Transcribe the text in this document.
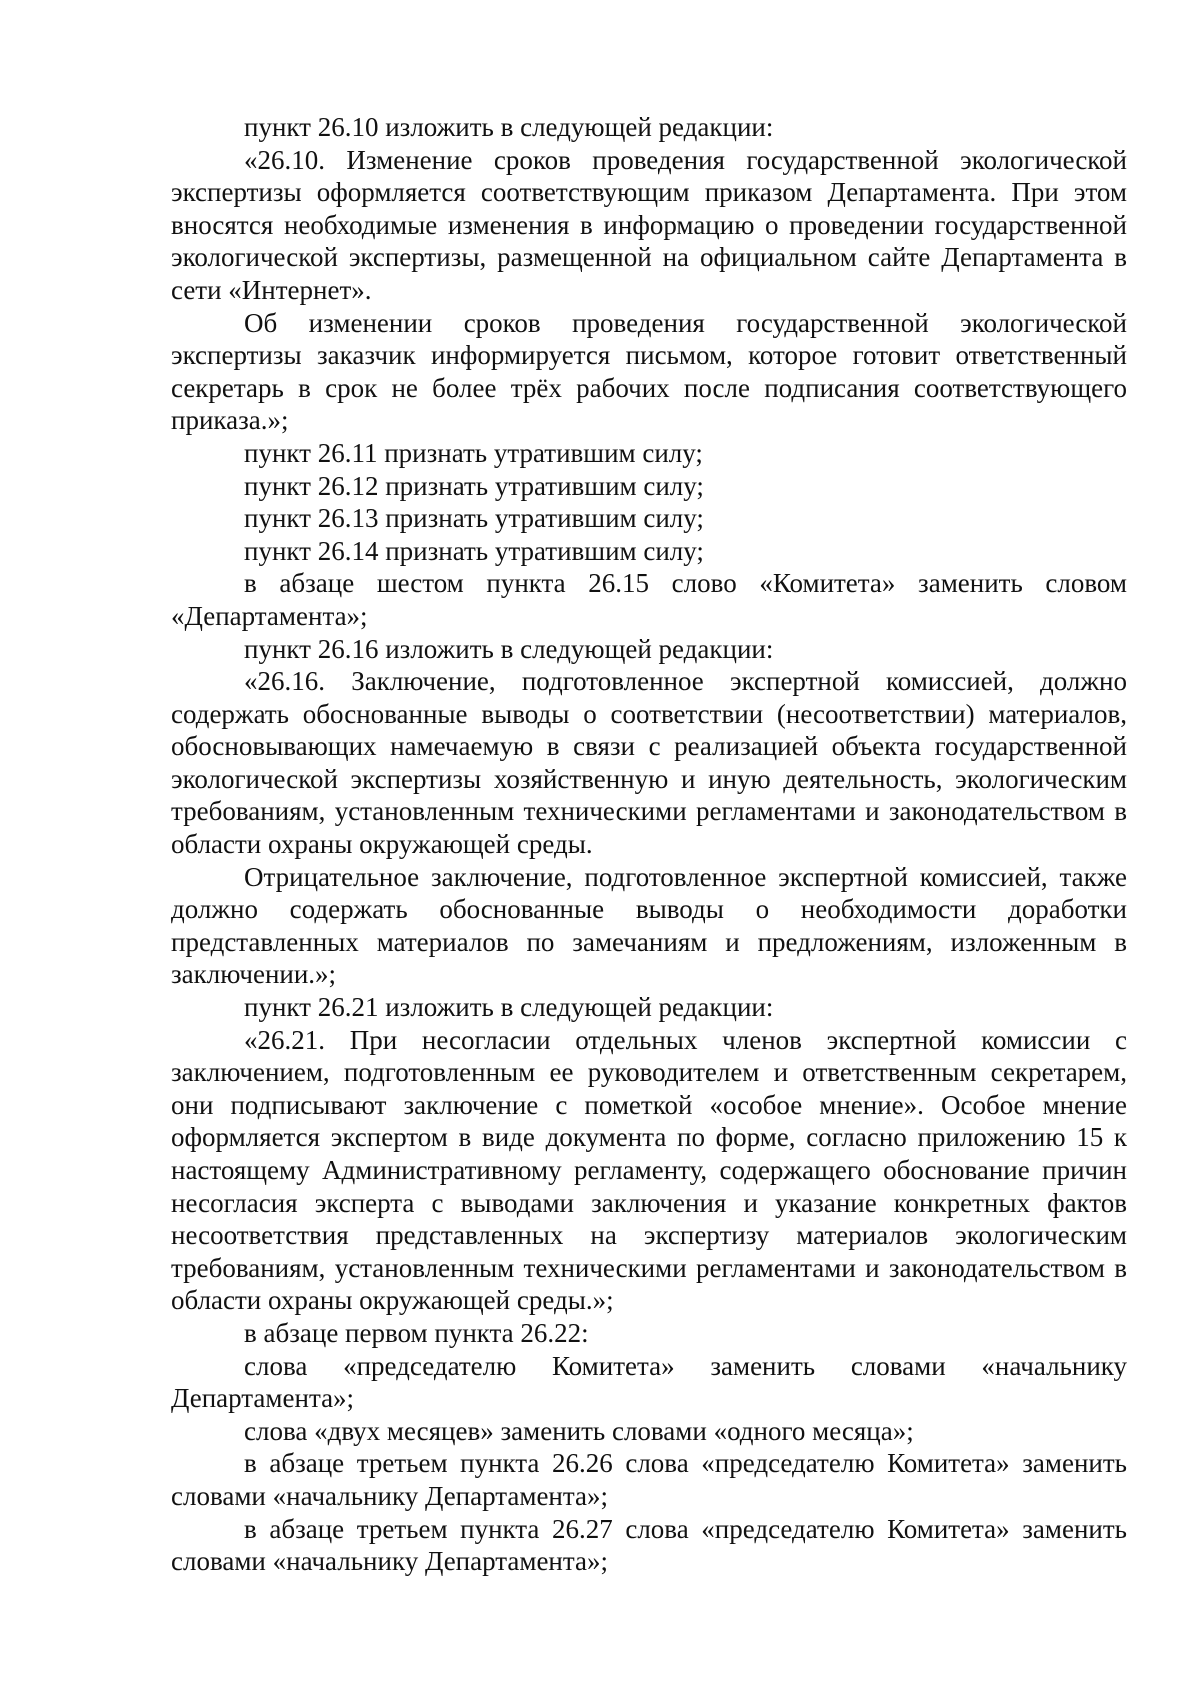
пункт 26.10 изложить в следующей редакции:

«26.10. Изменение сроков проведения государственной экологической экспертизы оформляется соответствующим приказом Департамента. При этом вносятся необходимые изменения в информацию о проведении государственной экологической экспертизы, размещенной на официальном сайте Департамента в сети «Интернет».

Об изменении сроков проведения государственной экологической экспертизы заказчик информируется письмом, которое готовит ответственный секретарь в срок не более трёх рабочих после подписания соответствующего приказа.»;

пункт 26.11 признать утратившим силу;

пункт 26.12 признать утратившим силу;

пункт 26.13 признать утратившим силу;

пункт 26.14 признать утратившим силу;

в абзаце шестом пункта 26.15 слово «Комитета» заменить словом «Департамента»;

пункт 26.16 изложить в следующей редакции:

«26.16. Заключение, подготовленное экспертной комиссией, должно содержать обоснованные выводы о соответствии (несоответствии) материалов, обосновывающих намечаемую в связи с реализацией объекта государственной экологической экспертизы хозяйственную и иную деятельность, экологическим требованиям, установленным техническими регламентами и законодательством в области охраны окружающей среды.

Отрицательное заключение, подготовленное экспертной комиссией, также должно содержать обоснованные выводы о необходимости доработки представленных материалов по замечаниям и предложениям, изложенным в заключении.»;

пункт 26.21 изложить в следующей редакции:

«26.21. При несогласии отдельных членов экспертной комиссии с заключением, подготовленным ее руководителем и ответственным секретарем, они подписывают заключение с пометкой «особое мнение». Особое мнение оформляется экспертом в виде документа по форме, согласно приложению 15 к настоящему Административному регламенту, содержащего обоснование причин несогласия эксперта с выводами заключения и указание конкретных фактов несоответствия представленных на экспертизу материалов экологическим требованиям, установленным техническими регламентами и законодательством в области охраны окружающей среды.»;

в абзаце первом пункта 26.22:

слова «председателю Комитета» заменить словами «начальнику Департамента»;

слова «двух месяцев» заменить словами «одного месяца»;

в абзаце третьем пункта 26.26 слова «председателю Комитета» заменить словами «начальнику Департамента»;

в абзаце третьем пункта 26.27 слова «председателю Комитета» заменить словами «начальнику Департамента»;
